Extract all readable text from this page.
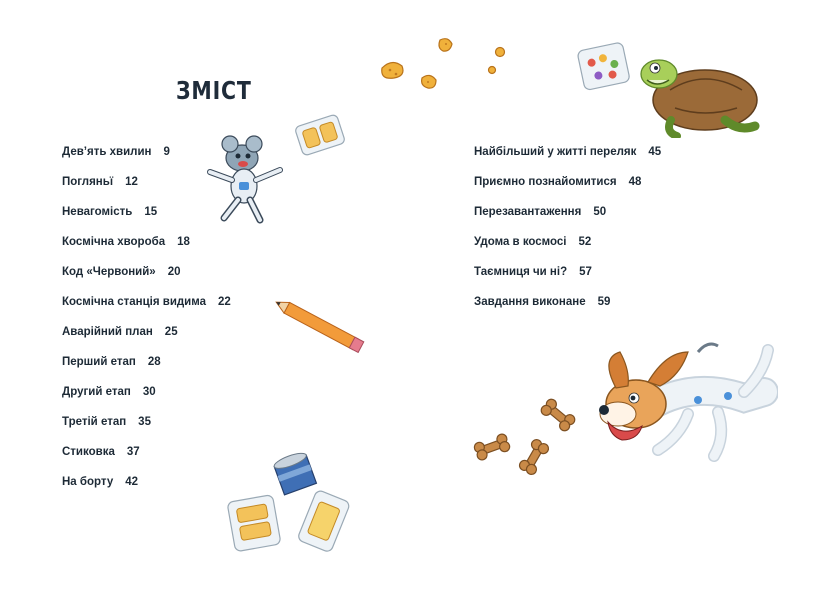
ЗМІСТ
Дев’ять хвилин 9
Погляньї 12
Невагомість 15
Космічна хвороба 18
Код «Червоний» 20
Космічна станція видима 22
Аварійний план 25
Перший етап 28
Другий етап 30
Третій етап 35
Стиковка 37
На борту 42
Найбільший у житті переляк 45
Приємно познайомитися 48
Перезавантаження 50
Удома в космосі 52
Таємниця чи ні? 57
Завдання виконане 59
